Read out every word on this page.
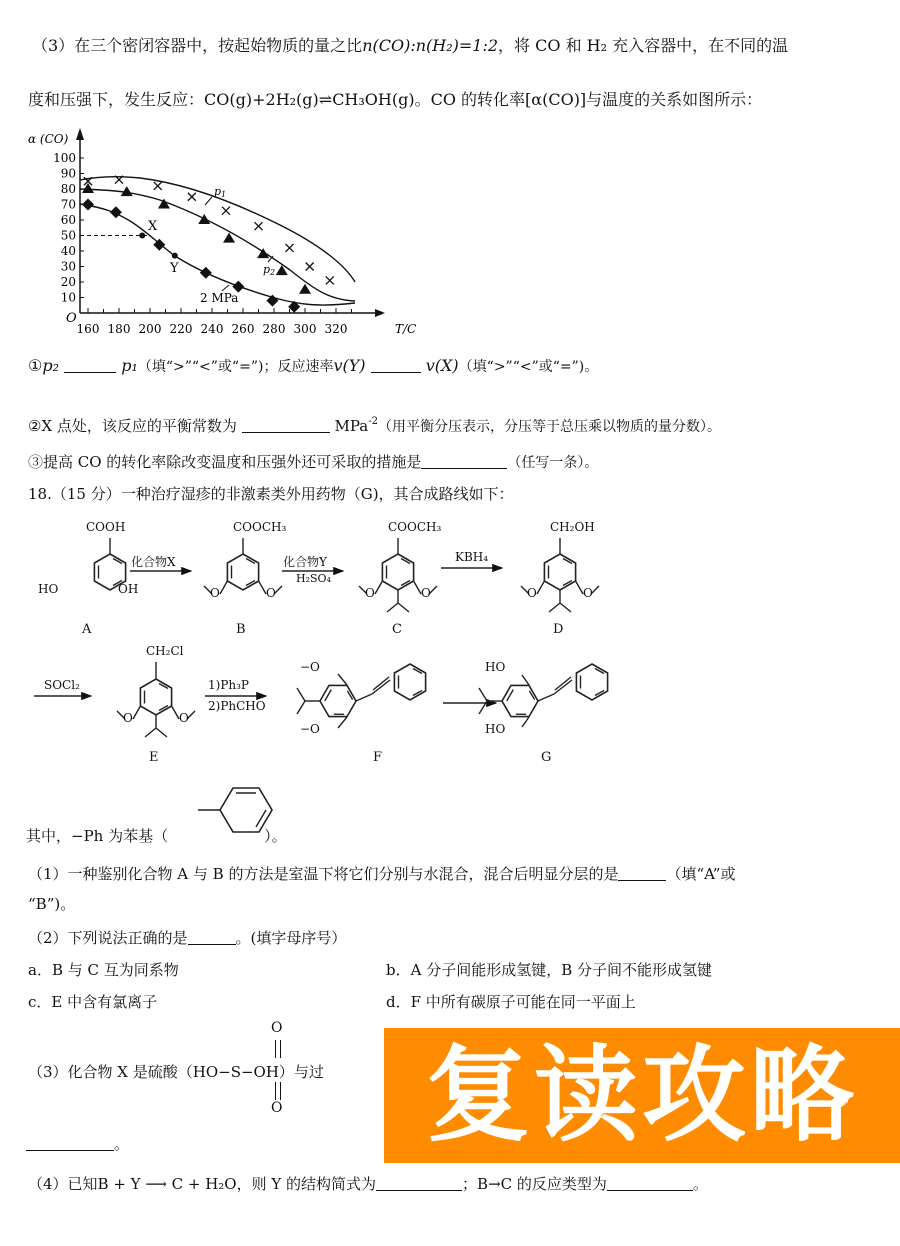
（3）在三个密闭容器中，按起始物质的量之比n(CO):n(H₂)=1:2，将 CO 和 H₂ 充入容器中，在不同的温
度和压强下，发生反应：CO(g)+2H₂(g)⇌CH₃OH(g)。CO 的转化率[α(CO)]与温度的关系如图所示：
α (CO)
T/C
O
10
20
30
40
50
60
70
80
90
100
160 180 200 220 240 260 280 300 320
p1
p2
2 MPa
X
Y
①p₂	p₁（填“>”“<”或“=”)；反应速率v(Y)	v(X)（填“>”“<”或“=”)。
②X 点处，该反应的平衡常数为	MPa$^{-2}$（用平衡分压表示，分压等于总压乘以物质的量分数）。
③提高 CO 的转化率除改变温度和压强外还可采取的措施是	（任写一条）。
18.（15 分）一种治疗湿疹的非激素类外用药物（G)，其合成路线如下：
COOH
HO	OH
A
COOCH₃
O	O
B
COOCH₃
O	O
C
CH₂OH
O	O
D
化合物X	化合物Y
H₂SO₄
KBH₄
SOCl₂
CH₂Cl
O	O
E
1)Ph₃P
2)PhCHO
−O
−O
F
HO
HO
G
其中，−Ph 为苯基（	）。
（1）一种鉴别化合物 A 与 B 的方法是室温下将它们分别与水混合，混合后明显分层的是	（填“A”或
“B”)。
（2）下列说法正确的是	。(填字母序号）
a．B 与 C 互为同系物	b．A 分子间能形成氢键，B 分子间不能形成氢键
c．E 中含有氯离子	d．F 中所有碳原子可能在同一平面上
（3）化合物 X 是硫酸（HO−S−OH）与过
O
O
。	复读攻略
（4）已知B + Y ⟶ C + H₂O，则 Y 的结构简式为	；B→C 的反应类型为	。
